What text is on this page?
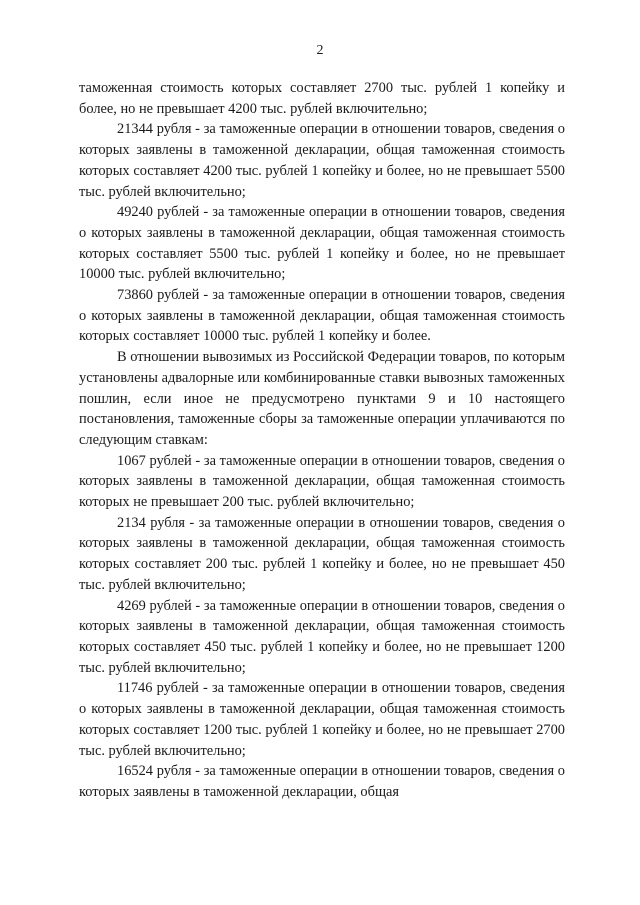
2

таможенная стоимость которых составляет 2700 тыс. рублей 1 копейку и более, но не превышает 4200 тыс. рублей включительно;

21344 рубля - за таможенные операции в отношении товаров, сведения о которых заявлены в таможенной декларации, общая таможенная стоимость которых составляет 4200 тыс. рублей 1 копейку и более, но не превышает 5500 тыс. рублей включительно;

49240 рублей - за таможенные операции в отношении товаров, сведения о которых заявлены в таможенной декларации, общая таможенная стоимость которых составляет 5500 тыс. рублей 1 копейку и более, но не превышает 10000 тыс. рублей включительно;

73860 рублей - за таможенные операции в отношении товаров, сведения о которых заявлены в таможенной декларации, общая таможенная стоимость которых составляет 10000 тыс. рублей 1 копейку и более.

В отношении вывозимых из Российской Федерации товаров, по которым установлены адвалорные или комбинированные ставки вывозных таможенных пошлин, если иное не предусмотрено пунктами 9 и 10 настоящего постановления, таможенные сборы за таможенные операции уплачиваются по следующим ставкам:

1067 рублей - за таможенные операции в отношении товаров, сведения о которых заявлены в таможенной декларации, общая таможенная стоимость которых не превышает 200 тыс. рублей включительно;

2134 рубля - за таможенные операции в отношении товаров, сведения о которых заявлены в таможенной декларации, общая таможенная стоимость которых составляет 200 тыс. рублей 1 копейку и более, но не превышает 450 тыс. рублей включительно;

4269 рублей - за таможенные операции в отношении товаров, сведения о которых заявлены в таможенной декларации, общая таможенная стоимость которых составляет 450 тыс. рублей 1 копейку и более, но не превышает 1200 тыс. рублей включительно;

11746 рублей - за таможенные операции в отношении товаров, сведения о которых заявлены в таможенной декларации, общая таможенная стоимость которых составляет 1200 тыс. рублей 1 копейку и более, но не превышает 2700 тыс. рублей включительно;

16524 рубля - за таможенные операции в отношении товаров, сведения о которых заявлены в таможенной декларации, общая
